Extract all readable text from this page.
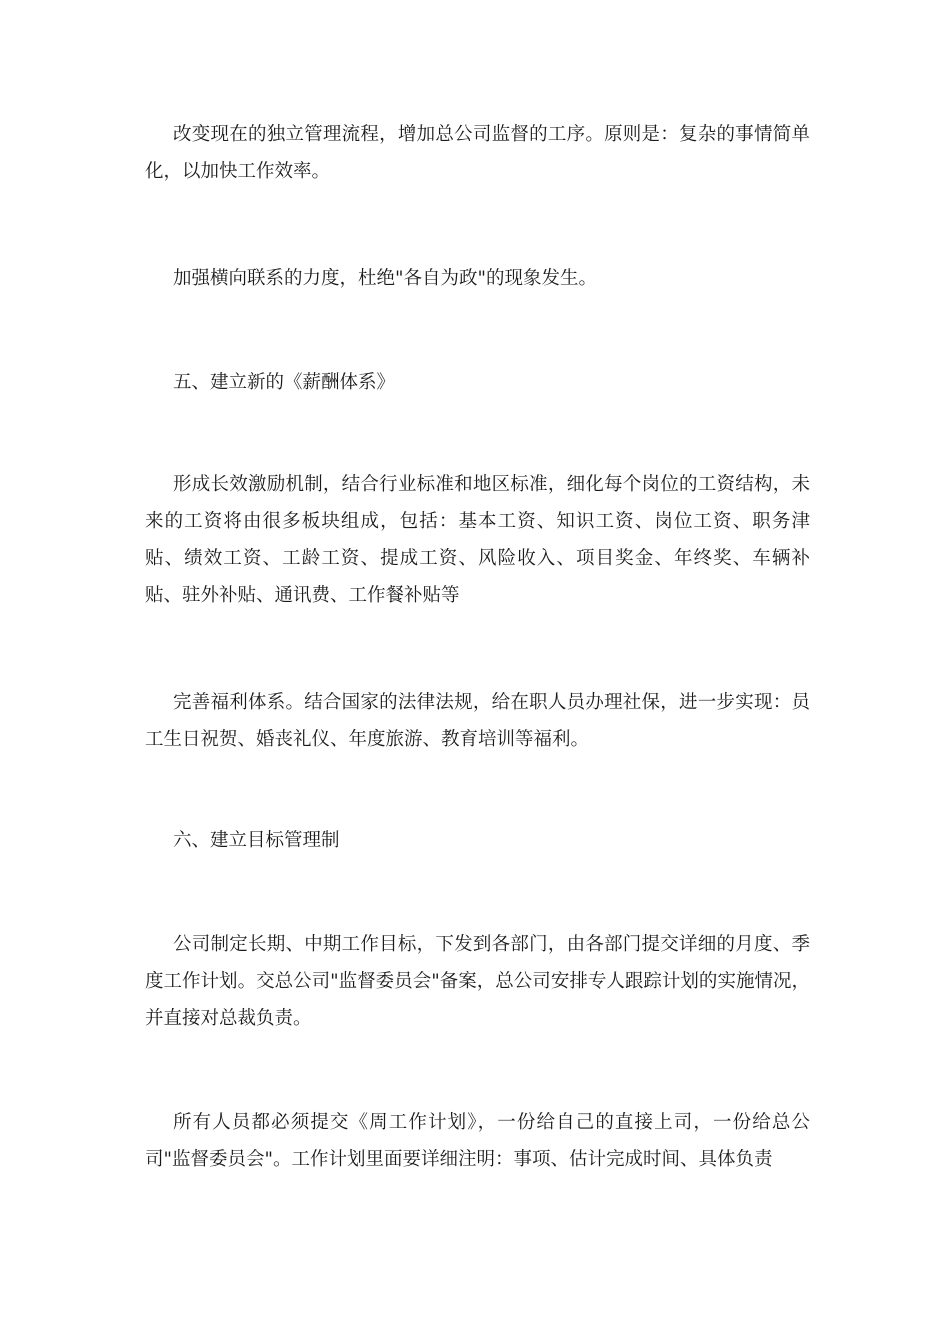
改变现在的独立管理流程，增加总公司监督的工序。原则是：复杂的事情简单化，以加快工作效率。

加强横向联系的力度，杜绝"各自为政"的现象发生。

五、建立新的《薪酬体系》

形成长效激励机制，结合行业标准和地区标准，细化每个岗位的工资结构，未来的工资将由很多板块组成，包括：基本工资、知识工资、岗位工资、职务津贴、绩效工资、工龄工资、提成工资、风险收入、项目奖金、年终奖、车辆补贴、驻外补贴、通讯费、工作餐补贴等

完善福利体系。结合国家的法律法规，给在职人员办理社保，进一步实现：员工生日祝贺、婚丧礼仪、年度旅游、教育培训等福利。

六、建立目标管理制

公司制定长期、中期工作目标，下发到各部门，由各部门提交详细的月度、季度工作计划。交总公司"监督委员会"备案，总公司安排专人跟踪计划的实施情况，并直接对总裁负责。

所有人员都必须提交《周工作计划》，一份给自己的直接上司，一份给总公司"监督委员会"。工作计划里面要详细注明：事项、估计完成时间、具体负责
